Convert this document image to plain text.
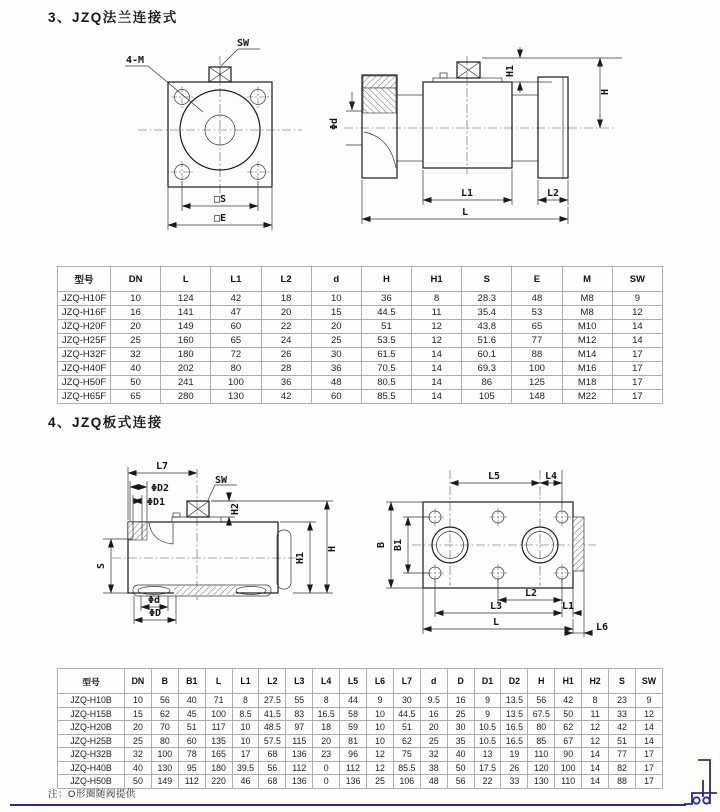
3、JZQ法兰连接式
4-M
SW
□S
□E
Φd
H1
H
L1	L2
L
型号	DN	L	L1	L2	d	H	H1	S	E	M	SW
JZQ-H10F	10	124	42	18	10	36	8	28.3	48	M8	9
JZQ-H16F	16	141	47	20	15	44.5	11	35.4	53	M8	12
JZQ-H20F	20	149	60	22	20	51	12	43.8	65	M10	14
JZQ-H25F	25	160	65	24	25	53.5	12	51.6	77	M12	14
JZQ-H32F	32	180	72	26	30	61.5	14	60.1	88	M14	17
JZQ-H40F	40	202	80	28	36	70.5	14	69.3	100	M16	17
JZQ-H50F	50	241	100	36	48	80.5	14	86	125	M18	17
JZQ-H65F	65	280	130	42	60	85.5	14	105	148	M22	17
4、JZQ板式连接
L7
ΦD2
ΦD1
SW
H2
S
H1
H
Φd
ΦD
L5	L4
B B1
L2
L3	L1
L	L6
型号	DN	B	B1	L	L1	L2	L3	L4	L5	L6	L7	d	D	D1	D2	H	H1	H2	S	SW
JZQ-H10B	10	56	40	71	8	27.5	55	8	44	9	30	9.5	16	9	13.5	56	42	8	23	9
JZQ-H15B	15	62	45	100	8.5	41.5	83	16.5	58	10	44.5	16	25	9	13.5	67.5	50	11	33	12
JZQ-H20B	20	70	51	117	10	48.5	97	18	59	10	51	20	30	10.5	16.5	80	62	12	42	14
JZQ-H25B	25	80	60	135	10	57.5	115	20	81	10	62	25	35	10.5	16.5	85	67	12	51	14
JZQ-H32B	32	100	78	165	17	68	136	23	96	12	75	32	40	13	19	110	90	14	77	17
JZQ-H40B	40	130	95	180	39.5	56	112	0	112	12	85.5	38	50	17.5	26	120	100	14	82	17
JZQ-H50B	50	149	112	220	46	68	136	0	136	25	106	48	56	22	33	130	110	14	88	17
注：O形圈随阀提供
